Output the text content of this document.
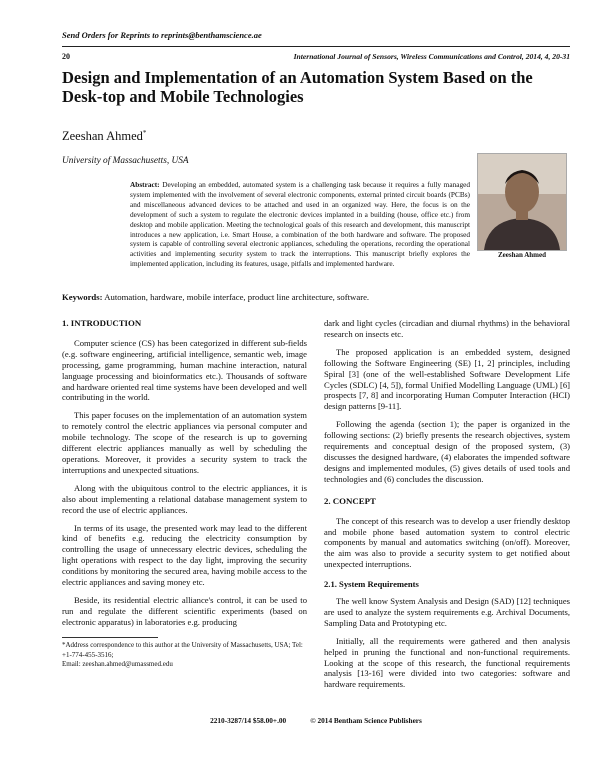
Send Orders for Reprints to reprints@benthamscience.ae
20	International Journal of Sensors, Wireless Communications and Control, 2014, 4, 20-31
Design and Implementation of an Automation System Based on the Desk-top and Mobile Technologies
Zeeshan Ahmed*
University of Massachusetts, USA
Zeeshan Ahmed
Abstract: Developing an embedded, automated system is a challenging task because it requires a fully managed system implemented with the involvement of several electronic components, external printed circuit boards (PCBs) and miscellaneous advanced devices to be attached and used in an organized way. Here, the focus is on the development of such a system to regulate the electronic devices implanted in a building (house, office etc.) from desktop and mobile application. Meeting the technological goals of this research and development, this manuscript introduces a new application, i.e. Smart House, a combination of the both hardware and software. The proposed system is capable of controlling several electronic appliances, scheduling the operations, recording the operational activities and implementing security system to track the interruptions. This manuscript briefly explores the implemented application, including its features, usage, pitfalls and implemented hardware.
Keywords: Automation, hardware, mobile interface, product line architecture, software.
1. INTRODUCTION

Computer science (CS) has been categorized in different sub-fields (e.g. software engineering, artificial intelligence, semantic web, image processing, game programming, human machine interaction, natural language processing and bioinformatics etc.). Thousands of software and hardware oriented real time systems have been developed and well contributing in the world.

This paper focuses on the implementation of an automation system to remotely control the electric appliances via personal computer and mobile technology. The scope of the research is up to governing different electric appliances manually as well by scheduling the operations. Moreover, it provides a security system to track the interruptions and unexpected situations.

Along with the ubiquitous control to the electric appliances, it is also about implementing a relational database management system to record the use of electric appliances.

In terms of its usage, the presented work may lead to the different kind of benefits e.g. reducing the electricity consumption by controlling the usage of unnecessary electric devices, scheduling the light operations with respect to the day light, improving the security conditions by monitoring the secured area, having mobile access to the electric appliances and saving money etc.

Beside, its residential electric alliance's control, it can be used to run and regulate the different scientific experiments (based on electronic apparatus) in laboratories e.g. producing

dark and light cycles (circadian and diurnal rhythms) in the behavioral research on insects etc.

The proposed application is an embedded system, designed following the Software Engineering (SE) [1, 2] principles, including Spiral [3] (one of the well-established Software Development Life Cycles (SDLC) [4, 5]), formal Unified Modelling Language (UML) [6] prospects [7, 8] and incorporating Human Computer Interaction (HCI) design patterns [9-11].

Following the agenda (section 1); the paper is organized in the following sections: (2) briefly presents the research objectives, system requirements and conceptual design of the proposed system, (3) discusses the designed hardware, (4) elaborates the impended software designs and implemented modules, (5) gives details of used tools and technologies and (6) concludes the discussion.

2. CONCEPT

The concept of this research was to develop a user friendly desktop and mobile phone based automation system to control electric components by manual and automatics switching (on/off). Moreover, the aim was also to provide a security system to get notified about unexpected interruptions.

2.1. System Requirements

The well know System Analysis and Design (SAD) [12] techniques are used to analyze the system requirements e.g. Archival Documents, Sampling Data and Prototyping etc.

Initially, all the requirements were gathered and then analysis helped in pruning the functional and non-functional requirements. Looking at the scope of this research, the functional requirements analysis [13-16] were divided into two categories: software and hardware requirements.

*Address correspondence to this author at the University of Massachusetts, USA; Tel: +1-774-455-3516;
Email: zeeshan.ahmed@umassmed.edu
2210-3287/14 $58.00+.00	© 2014 Bentham Science Publishers
